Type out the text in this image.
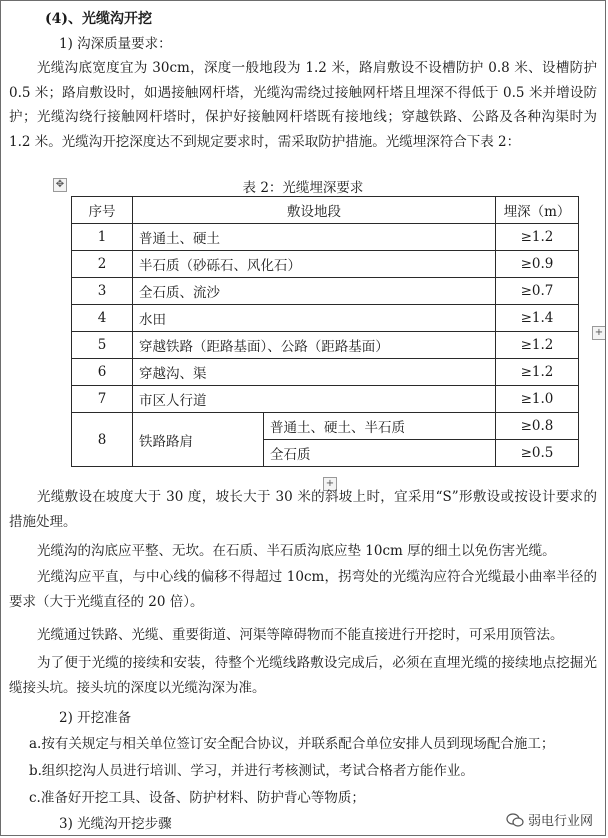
(4)、光缆沟开挖
1) 沟深质量要求：
光缆沟底宽度宜为 30cm，深度一般地段为 1.2 米，路肩敷设不设槽防护 0.8 米、设槽防护 0.5 米；路肩敷设时，如遇接触网杆塔，光缆沟需绕过接触网杆塔且埋深不得低于 0.5 米并增设防护；光缆沟绕行接触网杆塔时，保护好接触网杆塔既有接地线；穿越铁路、公路及各种沟渠时为 1.2 米。光缆沟开挖深度达不到规定要求时，需采取防护措施。光缆埋深符合下表 2：
✥	表 2：光缆埋深要求
序号	敷设地段		埋深（m）
1	普通土、硬土		≥1.2
2	半石质（砂砾石、风化石）		≥0.9
3	全石质、流沙		≥0.7
4	水田		≥1.4
5	穿越铁路（距路基面）、公路（距路基面）		≥1.2
6	穿越沟、渠		≥1.2
7	市区人行道		≥1.0
8	铁路路肩	普通土、硬土、半石质	≥0.8
		全石质	≥0.5
+
+
光缆敷设在坡度大于 30 度，坡长大于 30 米的斜坡上时，宜采用“S”形敷设或按设计要求的措施处理。
光缆沟的沟底应平整、无坎。在石质、半石质沟底应垫 10cm 厚的细土以免伤害光缆。
光缆沟应平直，与中心线的偏移不得超过 10cm，拐弯处的光缆沟应符合光缆最小曲率半径的要求（大于光缆直径的 20 倍）。
光缆通过铁路、光缆、重要街道、河渠等障碍物而不能直接进行开挖时，可采用顶管法。
为了便于光缆的接续和安装，待整个光缆线路敷设完成后，必须在直埋光缆的接续地点挖掘光缆接头坑。接头坑的深度以光缆沟深为准。
2) 开挖准备
a.按有关规定与相关单位签订安全配合协议，并联系配合单位安排人员到现场配合施工；
b.组织挖沟人员进行培训、学习，并进行考核测试，考试合格者方能作业。
c.准备好开挖工具、设备、防护材料、防护背心等物质；
3) 光缆沟开挖步骤	弱电行业网
